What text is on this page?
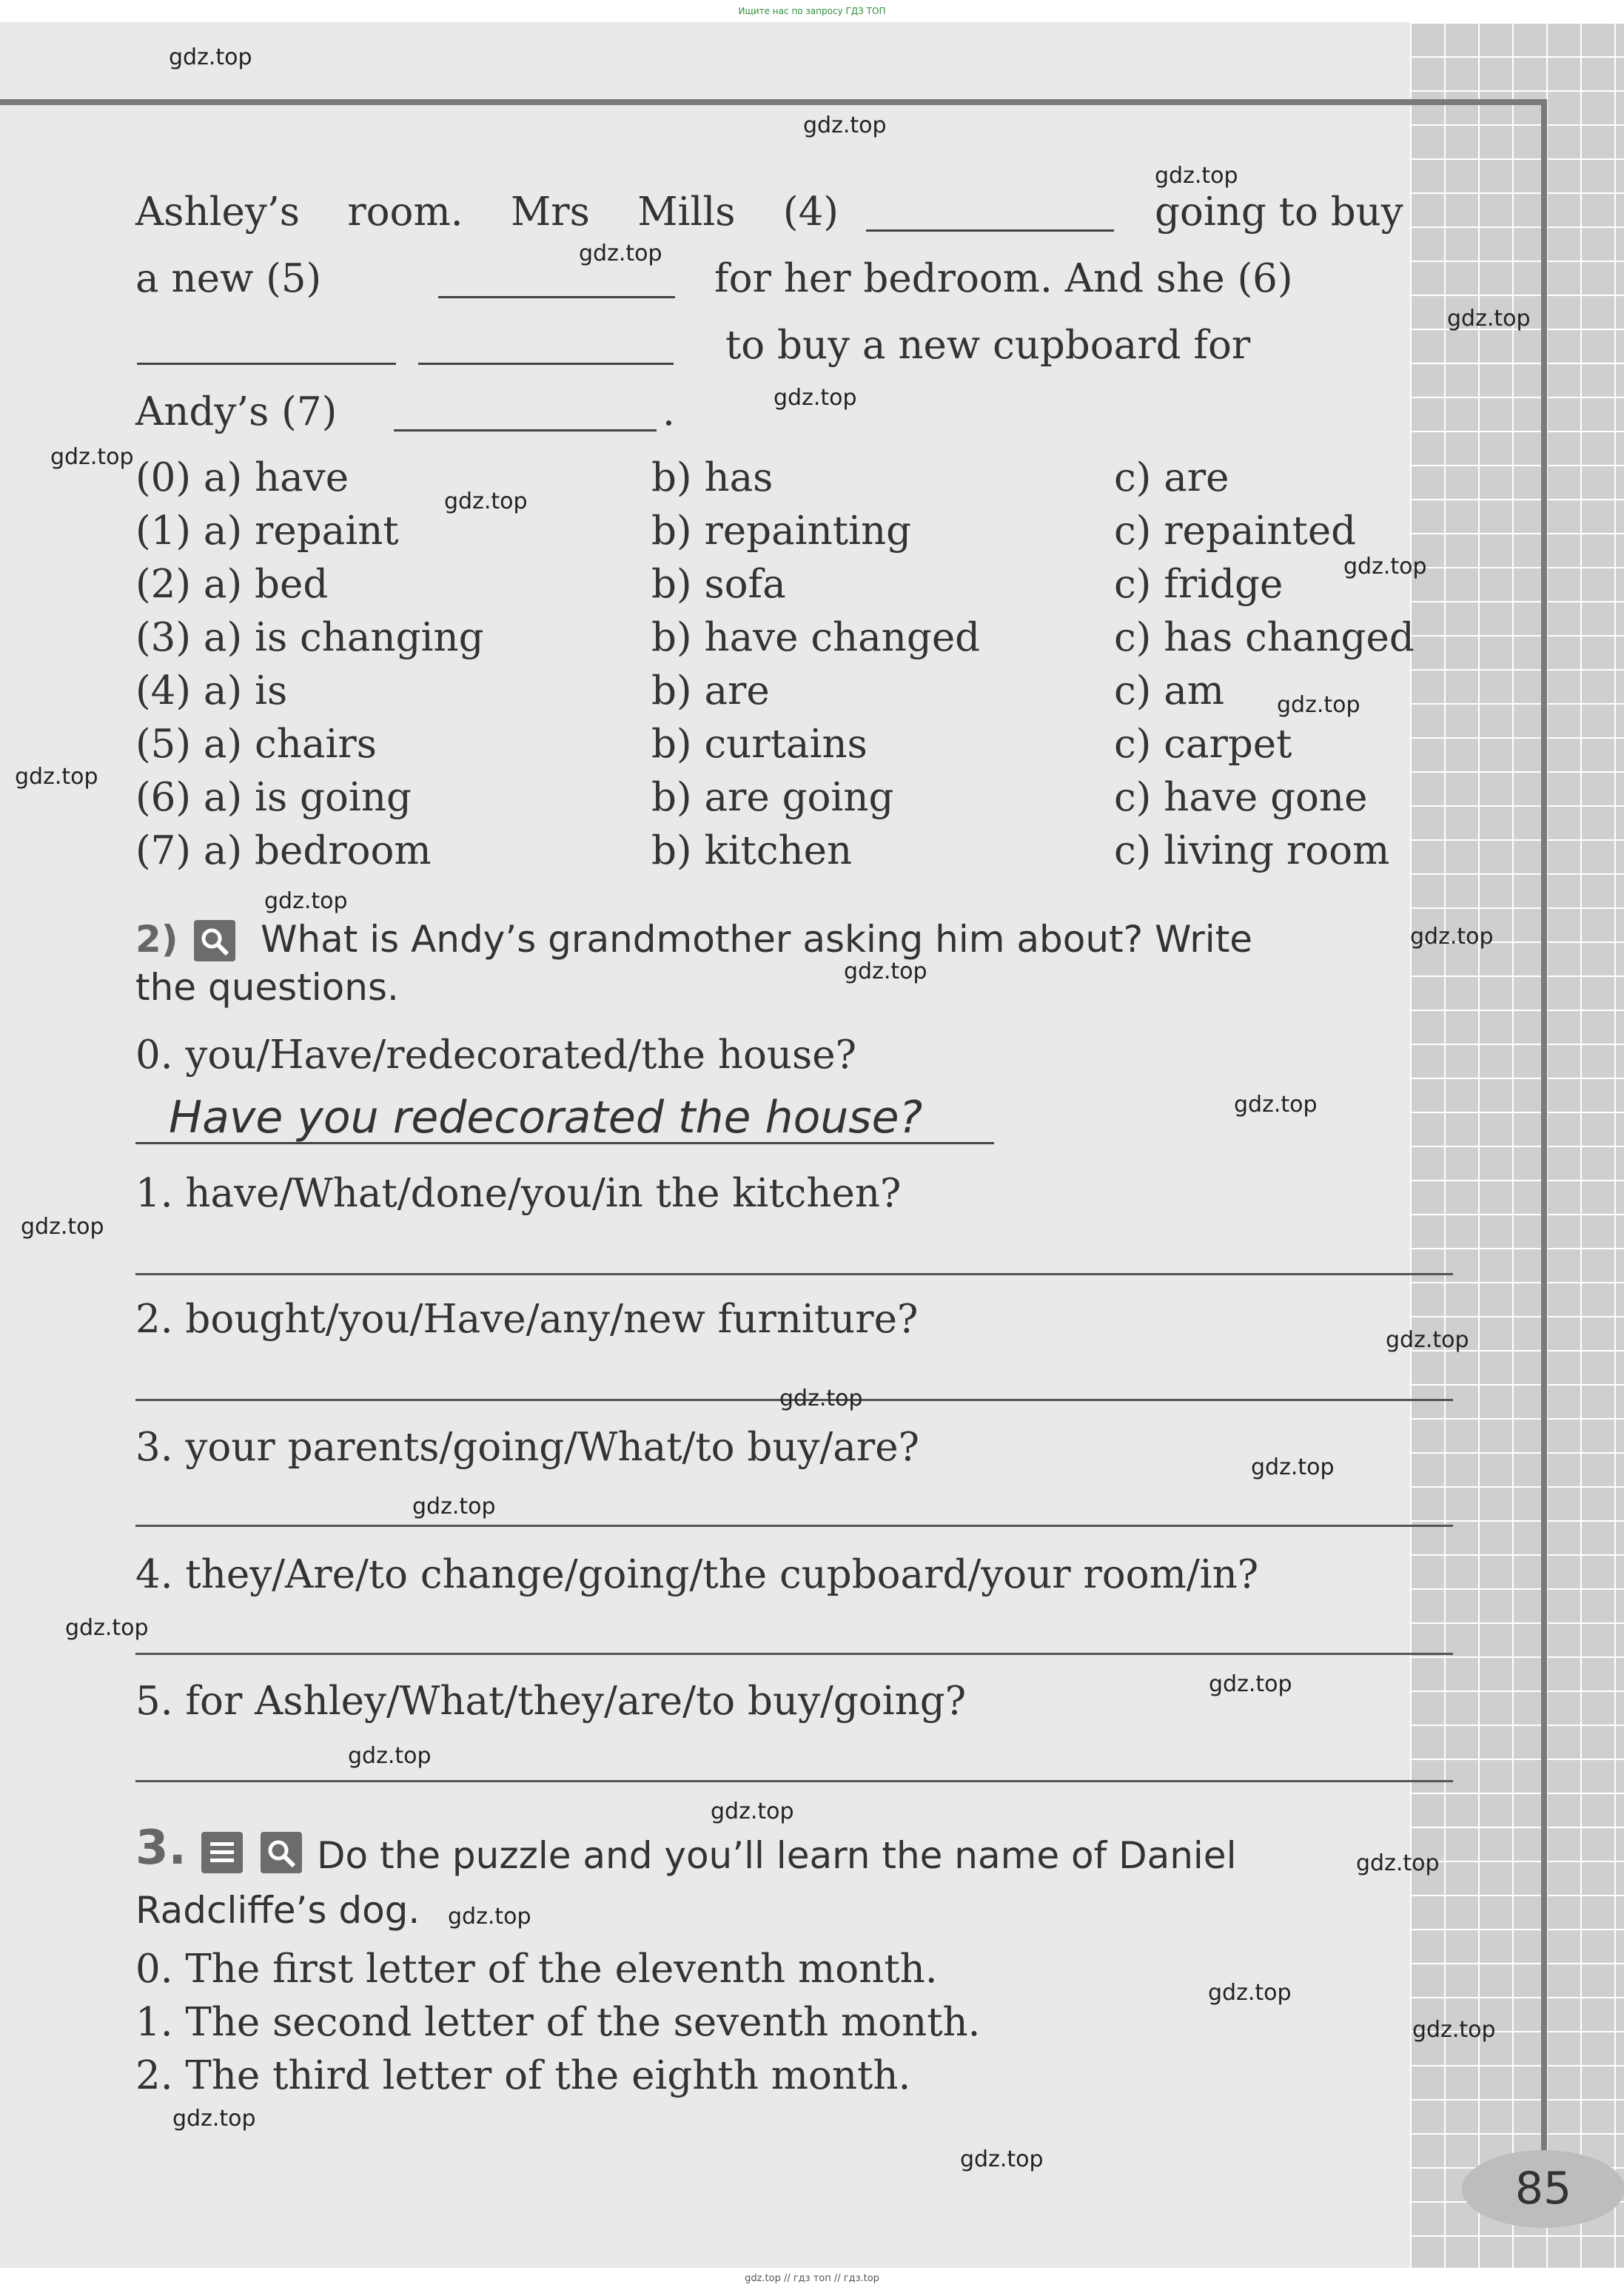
Ищите нас по запросу ГДЗ ТОП
Ashley’s room. Mrs Mills (4)	going to buy
a new (5)	for her bedroom. And she (6)
to buy a new cupboard for
Andy’s (7)	.
(0) a) have	b) has	c) are
(1) a) repaint	b) repainting	c) repainted
(2) a) bed	b) sofa	c) fridge
(3) a) is changing	b) have changed	c) has changed
(4) a) is	b) are	c) am
(5) a) chairs	b) curtains	c) carpet
(6) a) is going	b) are going	c) have gone
(7) a) bedroom	b) kitchen	c) living room
2) What is Andy’s grandmother asking him about? Write
the questions.
0. you/Have/redecorated/the house?
Have you redecorated the house?
1. have/What/done/you/in the kitchen?
2. bought/you/Have/any/new furniture?
3. your parents/going/What/to buy/are?
4. they/Are/to change/going/the cupboard/your room/in?
5. for Ashley/What/they/are/to buy/going?
3.	Do the puzzle and you’ll learn the name of Daniel
Radcliffe’s dog.
0. The first letter of the eleventh month.
1. The second letter of the seventh month.
2. The third letter of the eighth month.
85
gdz.top
gdz.top
gdz.top
gdz.top
gdz.top
gdz.top
gdz.top
gdz.top
gdz.top
gdz.top
gdz.top
gdz.top
gdz.top
gdz.top
gdz.top
gdz.top
gdz.top
gdz.top
gdz.top
gdz.top
gdz.top
gdz.top
gdz.top
gdz.top
gdz.top
gdz.top
gdz.top
gdz.top
gdz.top
gdz.top
gdz.top // гдз топ // гдз.top
